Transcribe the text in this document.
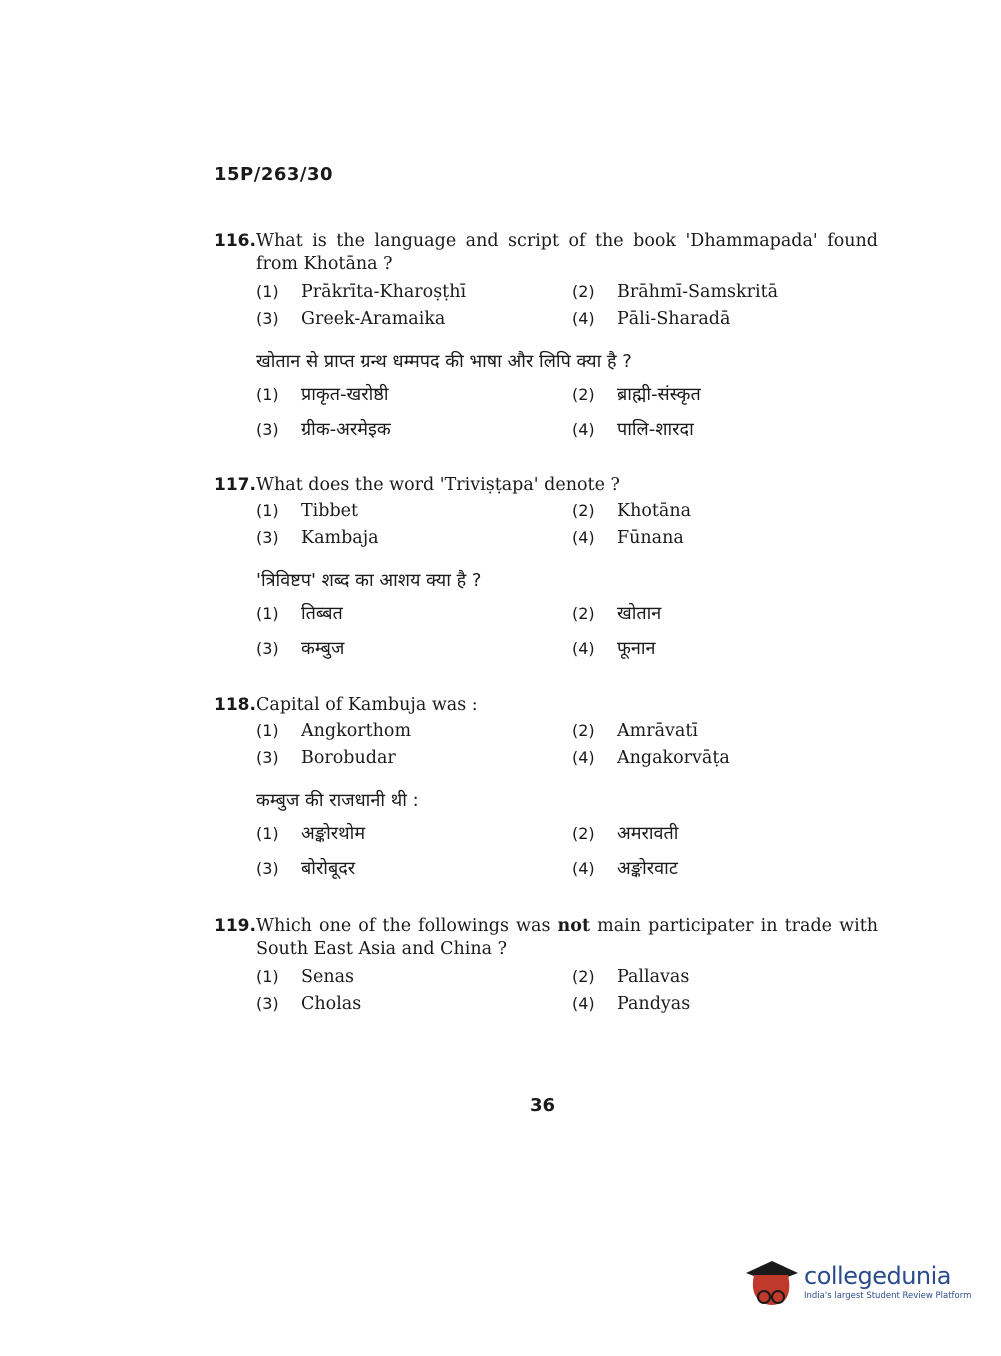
15P/263/30
116. What is the language and script of the book 'Dhammapada' found from Khotāna ?
(1)	Prākrīta-Kharoṣṭhī	(2)	Brāhmī-Samskritā
(3)	Greek-Aramaika	(4)	Pāli-Sharadā
खोतान से प्राप्त ग्रन्थ धम्मपद की भाषा और लिपि क्या है ?
(1)	प्राकृत-खरोष्ठी	(2)	ब्राह्मी-संस्कृत
(3)	ग्रीक-अरमेइक	(4)	पालि-शारदा
117. What does the word 'Triviṣṭapa' denote ?
(1)	Tibbet	(2)	Khotāna
(3)	Kambaja	(4)	Fūnana
'त्रिविष्टप' शब्द का आशय क्या है ?
(1)	तिब्बत	(2)	खोतान
(3)	कम्बुज	(4)	फूनान
118. Capital of Kambuja was :
(1)	Angkorthom	(2)	Amrāvatī
(3)	Borobudar	(4)	Angakorvāṭa
कम्बुज की राजधानी थी :
(1)	अङ्कोरथोम	(2)	अमरावती
(3)	बोरोबूदर	(4)	अङ्कोरवाट
119. Which one of the followings was not main participater in trade with South East Asia and China ?
(1)	Senas	(2)	Pallavas
(3)	Cholas	(4)	Pandyas
36
collegedunia
India's largest Student Review Platform
